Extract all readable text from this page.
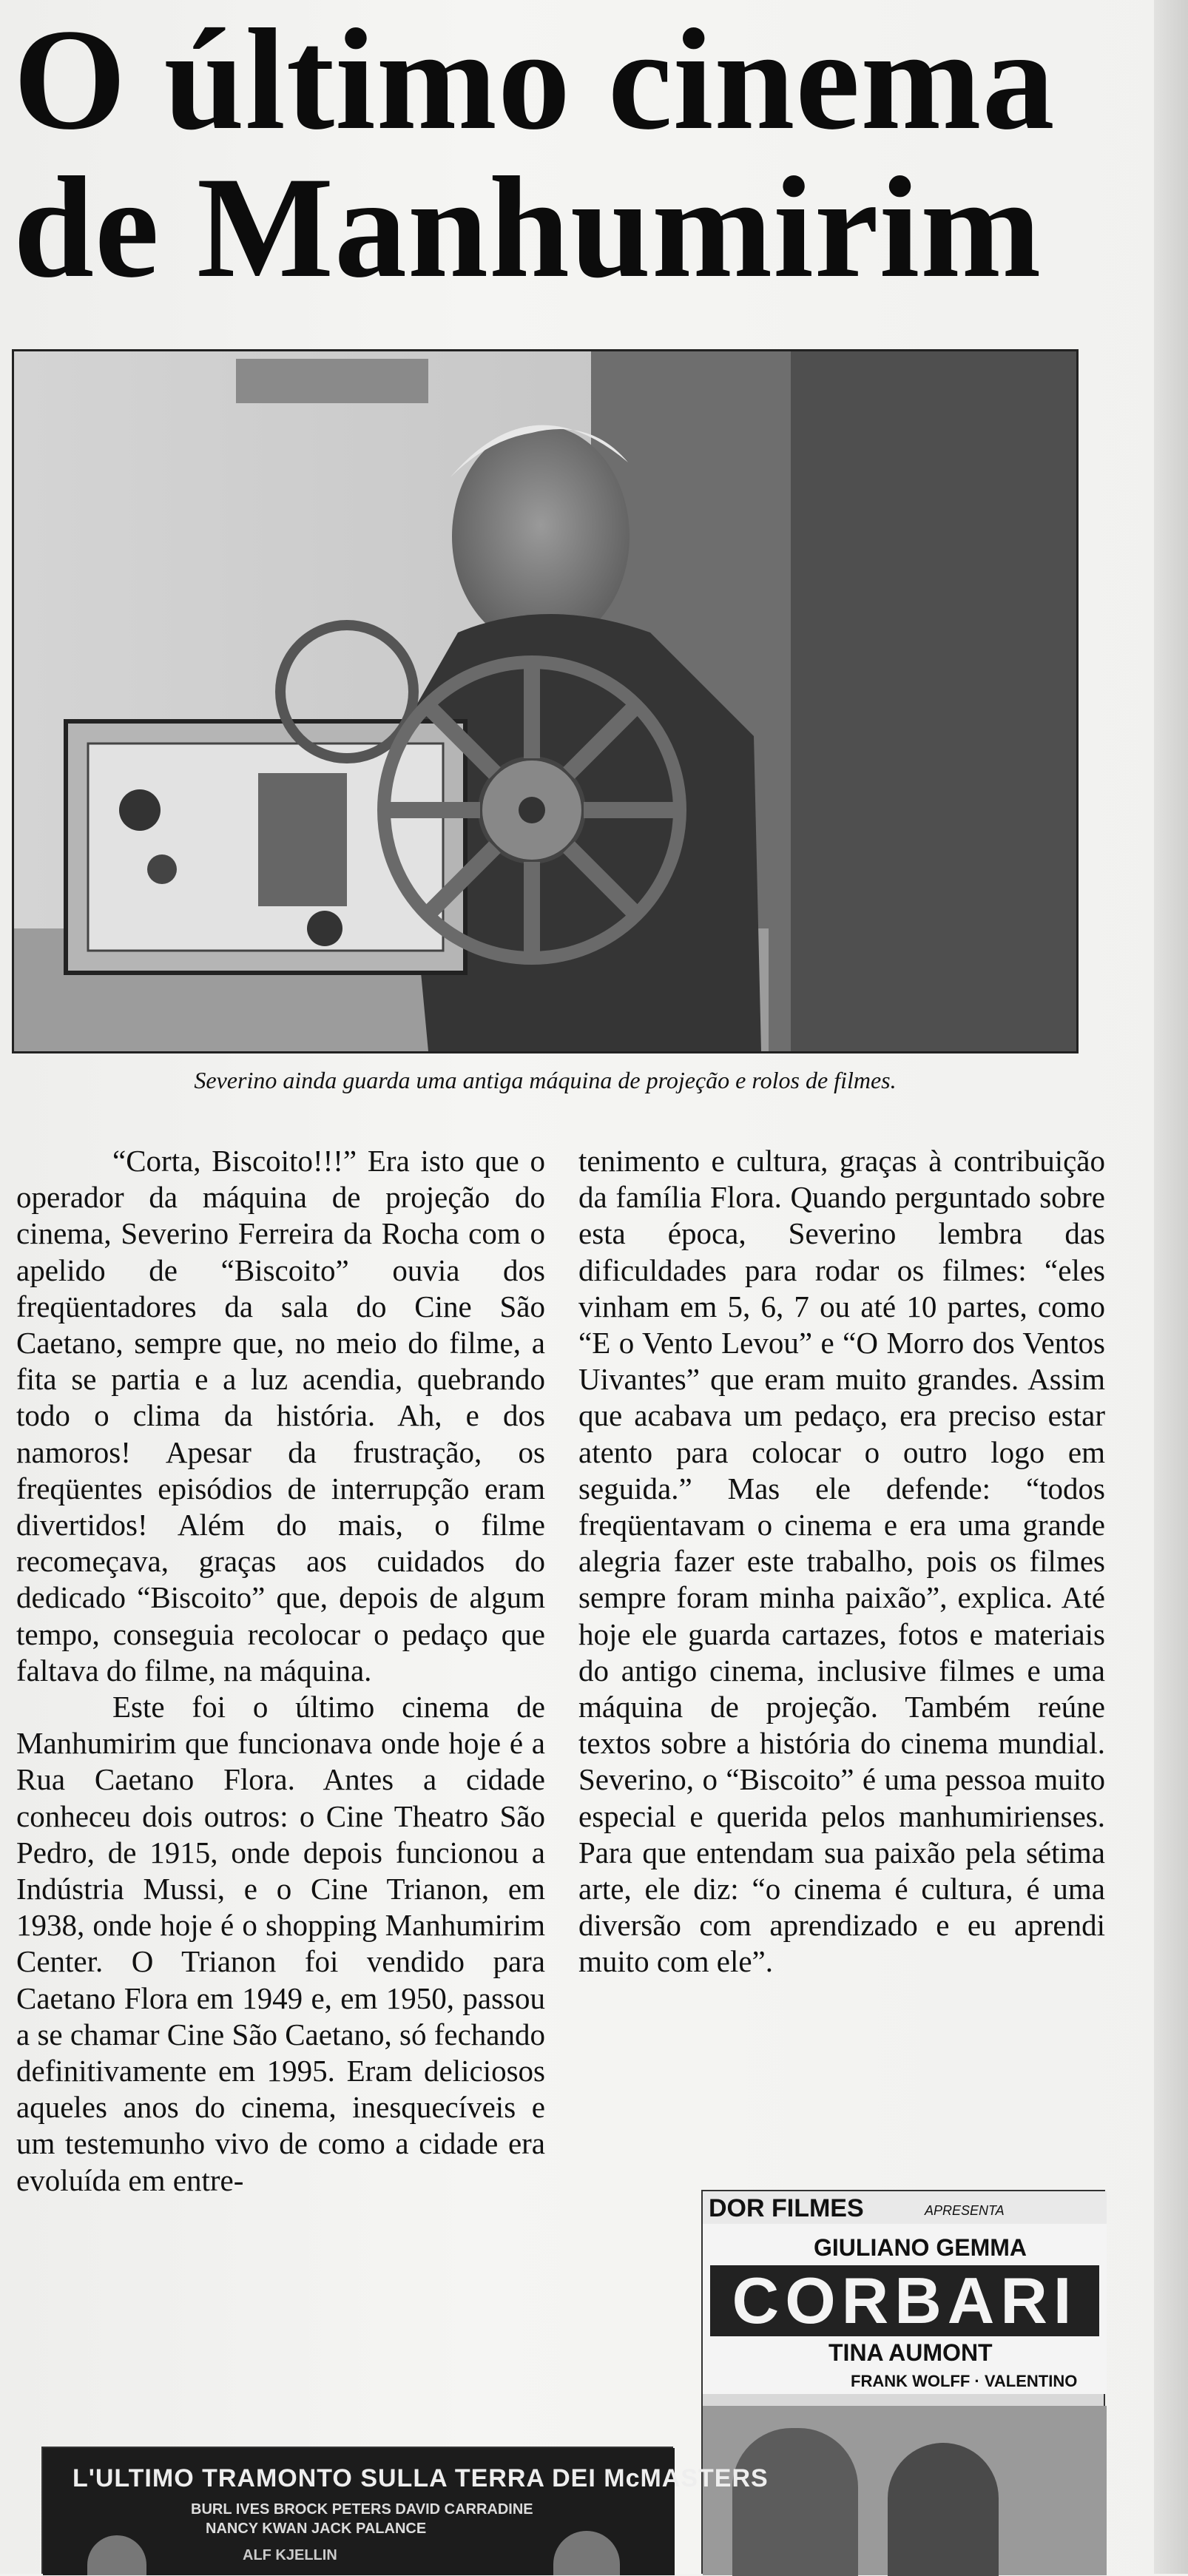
O último cinema
de Manhumirim
Severino ainda guarda uma antiga máquina de projeção e rolos de filmes.

“Corta, Biscoito!!!” Era isto que o operador da máquina de projeção do cinema, Severino Ferreira da Rocha com o apelido de “Biscoito” ouvia dos freqüentadores da sala do Cine São Caetano, sempre que, no meio do filme, a fita se partia e a luz acendia, quebrando todo o clima da história. Ah, e dos namoros! Apesar da frustração, os freqüentes episódios de interrupção eram divertidos! Além do mais, o filme recomeçava, graças aos cuidados do dedicado “Biscoito” que, depois de algum tempo, conseguia recolocar o pedaço que faltava do filme, na máquina.

Este foi o último cinema de Manhumirim que funcionava onde hoje é a Rua Caetano Flora. Antes a cidade conheceu dois outros: o Cine Theatro São Pedro, de 1915, onde depois funcionou a Indústria Mussi, e o Cine Trianon, em 1938, onde hoje é o shopping Manhumirim Center. O Trianon foi vendido para Caetano Flora em 1949 e, em 1950, passou a se chamar Cine São Caetano, só fechando definitivamente em 1995. Eram deliciosos aqueles anos do cinema, inesquecíveis e um testemunho vivo de como a cidade era evoluída em entre-

tenimento e cultura, graças à contribuição da família Flora. Quando perguntado sobre esta época, Severino lembra das dificuldades para rodar os filmes: “eles vinham em 5, 6, 7 ou até 10 partes, como “E o Vento Levou” e “O Morro dos Ventos Uivantes” que eram muito grandes. Assim que acabava um pedaço, era preciso estar atento para colocar o outro logo em seguida.” Mas ele defende: “todos freqüentavam o cinema e era uma grande alegria fazer este trabalho, pois os filmes sempre foram minha paixão”, explica. Até hoje ele guarda cartazes, fotos e materiais do antigo cinema, inclusive filmes e uma máquina de projeção. Também reúne textos sobre a história do cinema mundial. Severino, o “Biscoito” é uma pessoa muito especial e querida pelos manhumirienses. Para que entendam sua paixão pela sétima arte, ele diz: “o cinema é cultura, é uma diversão com aprendizado e eu aprendi muito com ele”.

DOR FILMES	APRESENTA
GIULIANO GEMMA
CORBARI
TINA AUMONT
FRANK WOLFF · VALENTINO
L'ULTIMO TRAMONTO SULLA TERRA DEI McMASTERS
BURL IVES BROCK PETERS DAVID CARRADINE
NANCY KWAN JACK PALANCE
ALF KJELLIN
